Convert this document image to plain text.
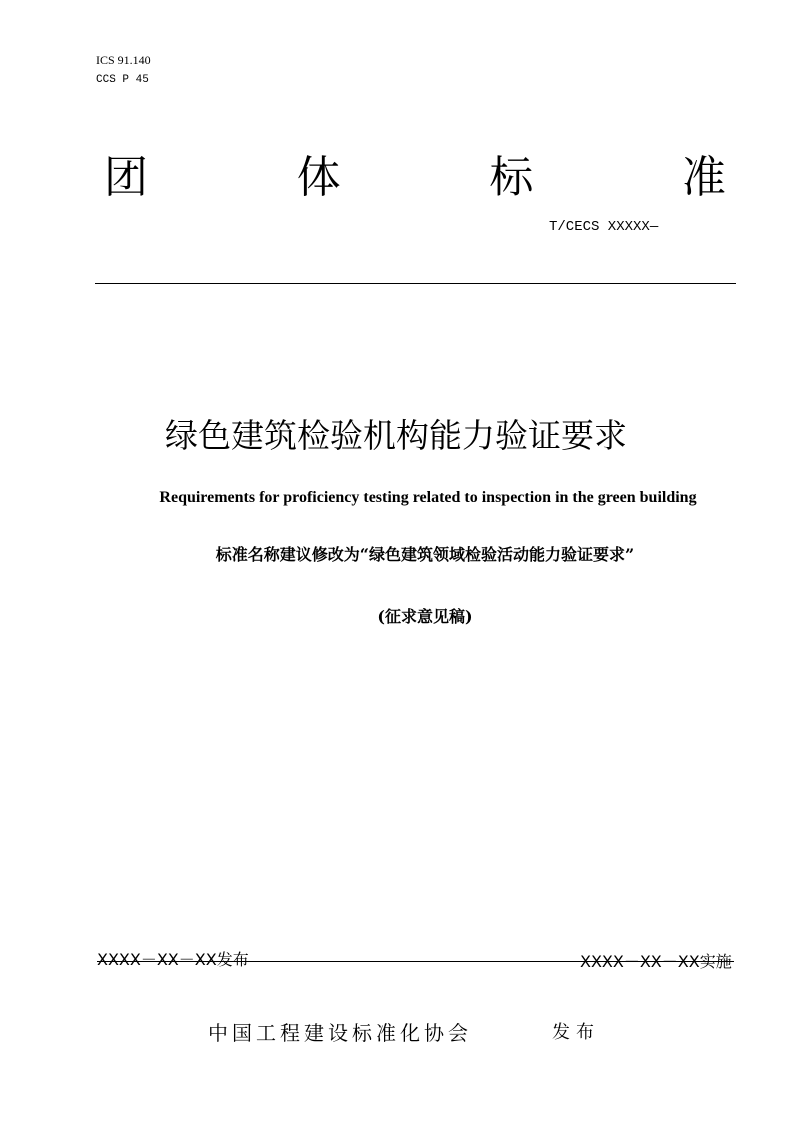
ICS 91.140
CCS P 45
团	体	标	准
T/CECS XXXXX—
绿色建筑检验机构能力验证要求
Requirements for proficiency testing related to inspection in the green building
标准名称建议修改为“绿色建筑领域检验活动能力验证要求”
(征求意见稿)
XXXX－XX－XX发布	XXXX－XX－XX实施
中国工程建设标准化协会	发布
